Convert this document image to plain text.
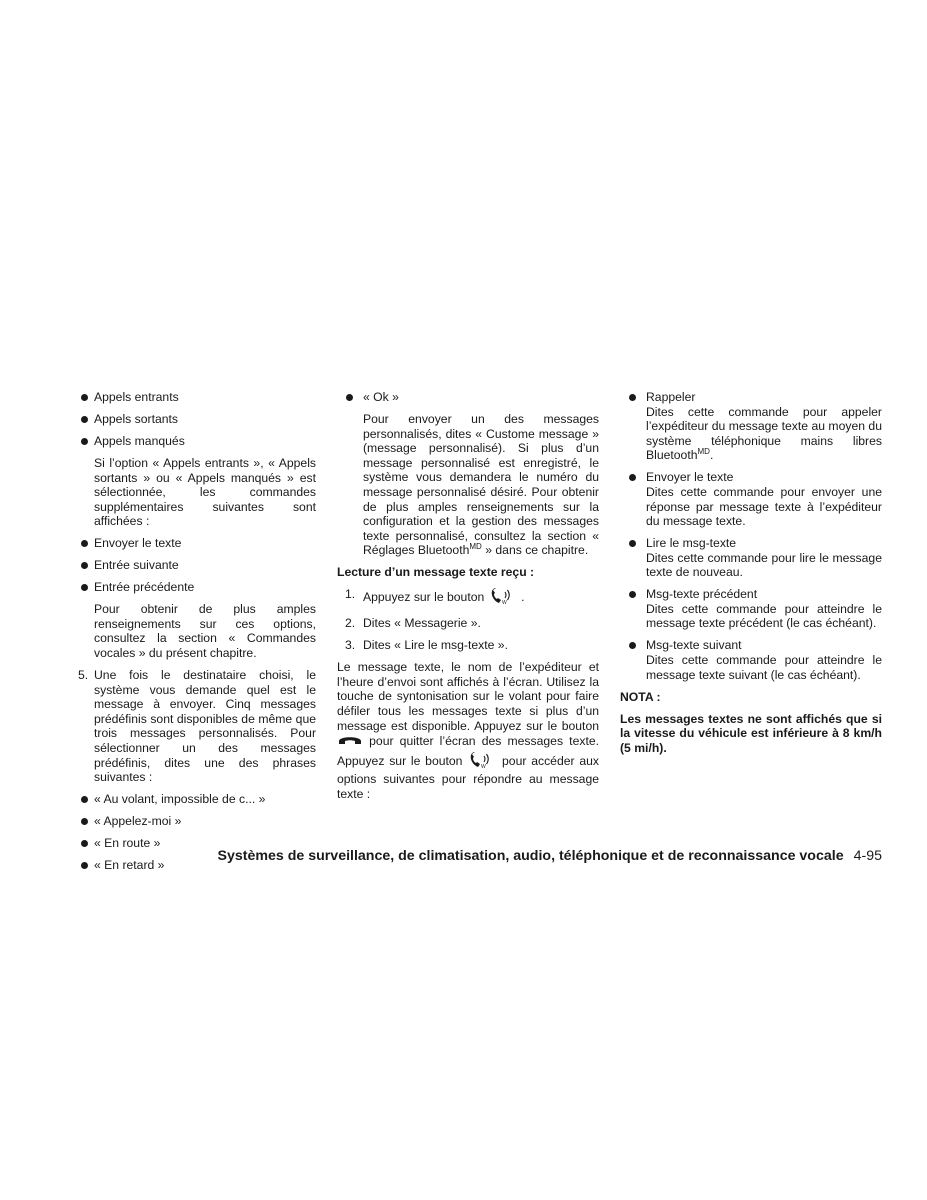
Appels entrants
Appels sortants
Appels manqués
Si l’option « Appels entrants », « Appels sortants » ou « Appels manqués » est sélectionnée, les commandes supplémentaires suivantes sont affichées :
Envoyer le texte
Entrée suivante
Entrée précédente
Pour obtenir de plus amples renseignements sur ces options, consultez la section « Commandes vocales » du présent chapitre.
5. Une fois le destinataire choisi, le système vous demande quel est le message à envoyer. Cinq messages prédéfinis sont disponibles de même que trois messages personnalisés. Pour sélectionner un des messages prédéfinis, dites une des phrases suivantes :
« Au volant, impossible de c... »
« Appelez-moi »
« En route »
« En retard »
« Ok »
Pour envoyer un des messages personnalisés, dites « Custome message » (message personnalisé). Si plus d’un message personnalisé est enregistré, le système vous demandera le numéro du message personnalisé désiré. Pour obtenir de plus amples renseignements sur la configuration et la gestion des messages texte personnalisé, consultez la section « Réglages Bluetooth$^{MD}$ » dans ce chapitre.
Lecture d’un message texte reçu :
1. Appuyez sur le bouton	W .
2. Dites « Messagerie ».
3. Dites « Lire le msg-texte ».
Le message texte, le nom de l’expéditeur et l’heure d’envoi sont affichés à l’écran. Utilisez la touche de syntonisation sur le volant pour faire défiler tous les messages texte si plus d’un message est disponible. Appuyez sur le bouton  pour quitter l’écran des messages texte. Appuyez sur le bouton	W pour accéder aux options suivantes pour répondre au message texte :
Rappeler
Dites cette commande pour appeler l’expéditeur du message texte au moyen du système téléphonique mains libres Bluetooth$^{MD}$.
Envoyer le texte
Dites cette commande pour envoyer une réponse par message texte à l’expéditeur du message texte.
Lire le msg-texte
Dites cette commande pour lire le message texte de nouveau.
Msg-texte précédent
Dites cette commande pour atteindre le message texte précédent (le cas échéant).
Msg-texte suivant
Dites cette commande pour atteindre le message texte suivant (le cas échéant).
NOTA :
Les messages textes ne sont affichés que si la vitesse du véhicule est inférieure à 8 km/h (5 mi/h).
Systèmes de surveillance, de climatisation, audio, téléphonique et de reconnaissance vocale 4-95
